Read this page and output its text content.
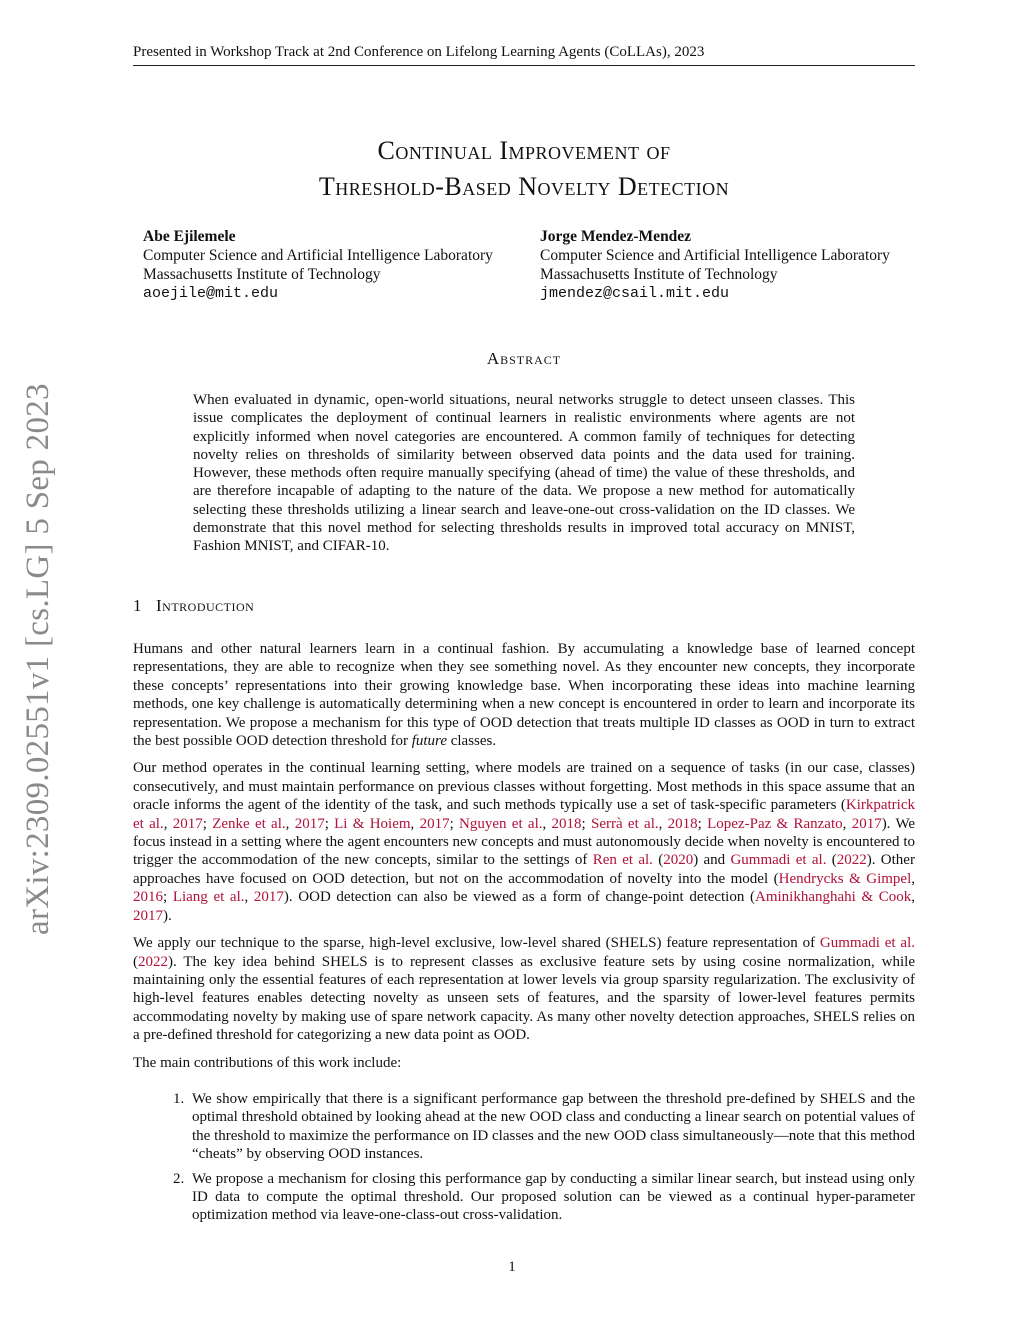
Presented in Workshop Track at 2nd Conference on Lifelong Learning Agents (CoLLAs), 2023
Continual Improvement of
Threshold-Based Novelty Detection
Abe Ejilemele
Computer Science and Artificial Intelligence Laboratory
Massachusetts Institute of Technology
aoejile@mit.edu
Jorge Mendez-Mendez
Computer Science and Artificial Intelligence Laboratory
Massachusetts Institute of Technology
jmendez@csail.mit.edu
arXiv:2309.02551v1 [cs.LG] 5 Sep 2023
Abstract
When evaluated in dynamic, open-world situations, neural networks struggle to detect unseen classes. This issue complicates the deployment of continual learners in realistic environments where agents are not explicitly informed when novel categories are encountered. A common family of techniques for detecting novelty relies on thresholds of similarity between observed data points and the data used for training. However, these methods often require manually specifying (ahead of time) the value of these thresholds, and are therefore incapable of adapting to the nature of the data. We propose a new method for automatically selecting these thresholds utilizing a linear search and leave-one-out cross-validation on the ID classes. We demonstrate that this novel method for selecting thresholds results in improved total accuracy on MNIST, Fashion MNIST, and CIFAR-10.
1 Introduction

Humans and other natural learners learn in a continual fashion. By accumulating a knowledge base of learned concept representations, they are able to recognize when they see something novel. As they encounter new concepts, they incorporate these concepts’ representations into their growing knowledge base. When incorporating these ideas into machine learning methods, one key challenge is automatically determining when a new concept is encountered in order to learn and incorporate its representation. We propose a mechanism for this type of OOD detection that treats multiple ID classes as OOD in turn to extract the best possible OOD detection threshold for future classes.

Our method operates in the continual learning setting, where models are trained on a sequence of tasks (in our case, classes) consecutively, and must maintain performance on previous classes without forgetting. Most methods in this space assume that an oracle informs the agent of the identity of the task, and such methods typically use a set of task-specific parameters (Kirkpatrick et al., 2017; Zenke et al., 2017; Li & Hoiem, 2017; Nguyen et al., 2018; Serrà et al., 2018; Lopez-Paz & Ranzato, 2017). We focus instead in a setting where the agent encounters new concepts and must autonomously decide when novelty is encountered to trigger the accommodation of the new concepts, similar to the settings of Ren et al. (2020) and Gummadi et al. (2022). Other approaches have focused on OOD detection, but not on the accommodation of novelty into the model (Hendrycks & Gimpel, 2016; Liang et al., 2017). OOD detection can also be viewed as a form of change-point detection (Aminikhanghahi & Cook, 2017).

We apply our technique to the sparse, high-level exclusive, low-level shared (SHELS) feature representation of Gummadi et al. (2022). The key idea behind SHELS is to represent classes as exclusive feature sets by using cosine normalization, while maintaining only the essential features of each representation at lower levels via group sparsity regularization. The exclusivity of high-level features enables detecting novelty as unseen sets of features, and the sparsity of lower-level features permits accommodating novelty by making use of spare network capacity. As many other novelty detection approaches, SHELS relies on a pre-defined threshold for categorizing a new data point as OOD.

The main contributions of this work include:

1. We show empirically that there is a significant performance gap between the threshold pre-defined by SHELS and the optimal threshold obtained by looking ahead at the new OOD class and conducting a linear search on potential values of the threshold to maximize the performance on ID classes and the new OOD class simultaneously—note that this method “cheats” by observing OOD instances.
2. We propose a mechanism for closing this performance gap by conducting a similar linear search, but instead using only ID data to compute the optimal threshold. Our proposed solution can be viewed as a continual hyper-parameter optimization method via leave-one-class-out cross-validation.
1
